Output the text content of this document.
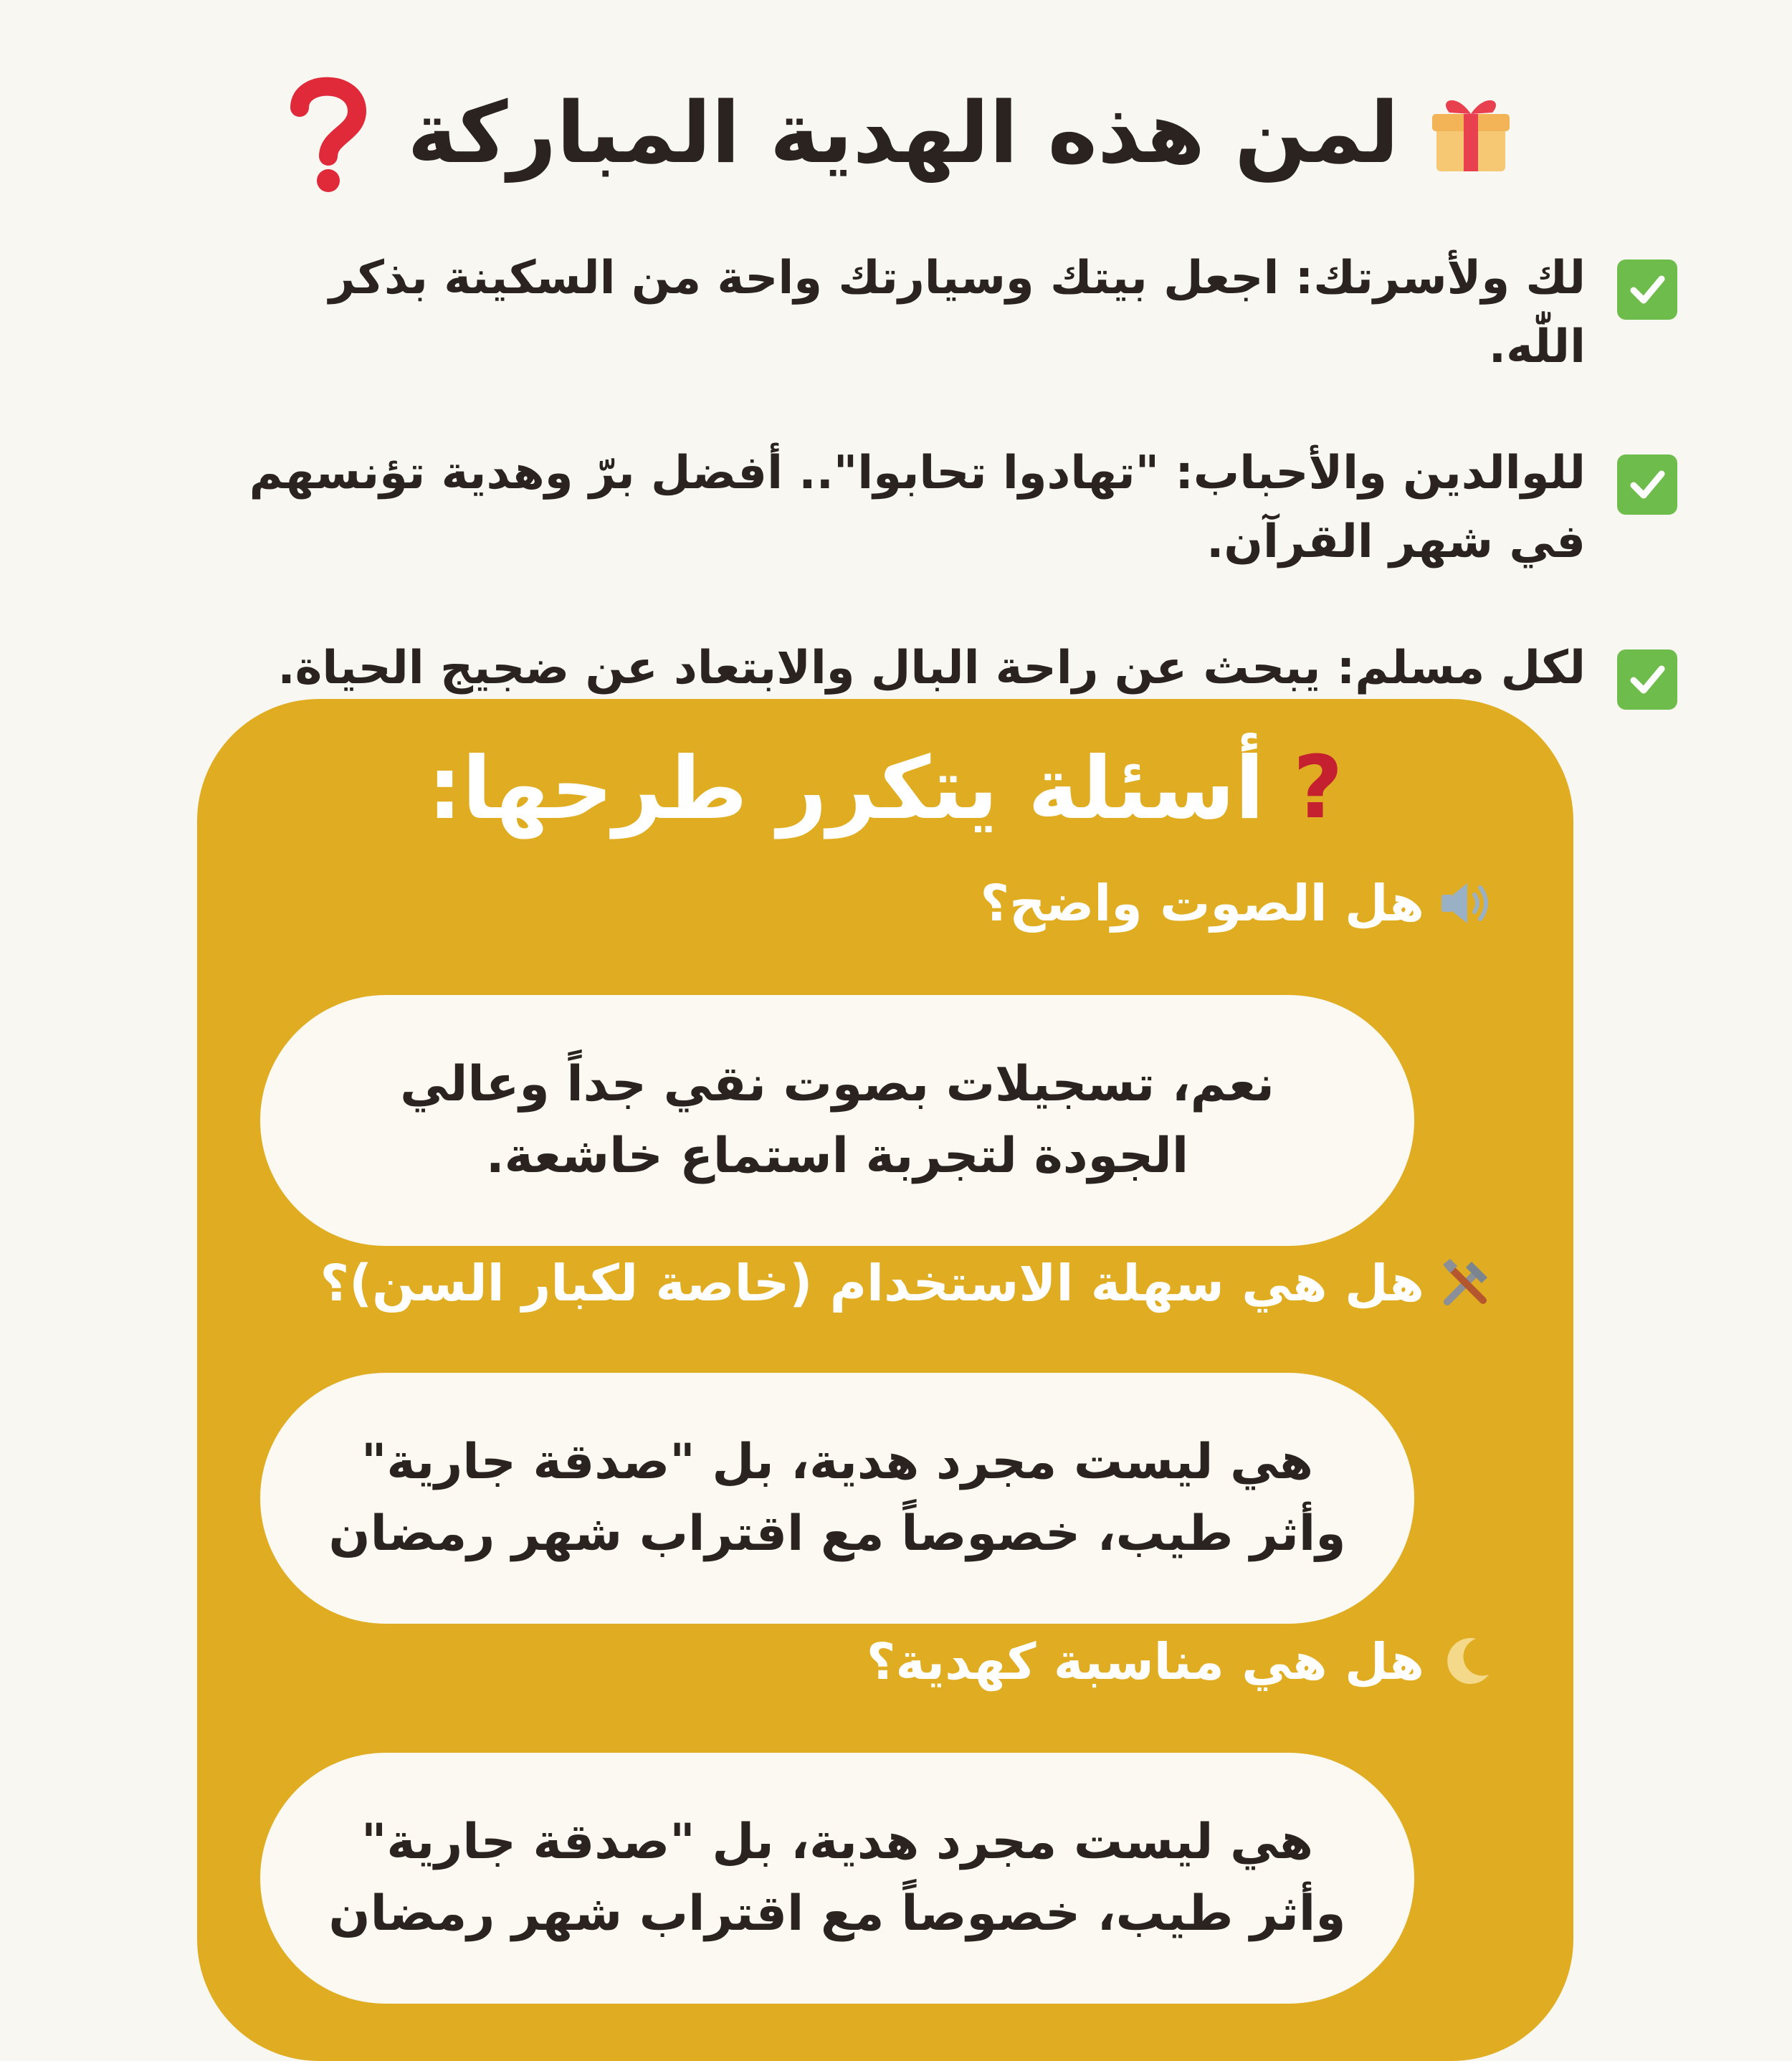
لمن هذه الهدية المباركة
لك ولأسرتك: اجعل بيتك وسيارتك واحة من السكينة بذكر اللّٰه.
للوالدين والأحباب: "تهادوا تحابوا".. أفضل برّ وهدية تؤنسهم في شهر القرآن.
لكل مسلم: يبحث عن راحة البال والابتعاد عن ضجيج الحياة.
?
أسئلة يتكرر طرحها:
هل الصوت واضح؟
نعم، تسجيلات بصوت نقي جداً وعالي الجودة لتجربة استماع خاشعة.
هل هي سهلة الاستخدام (خاصة لكبار السن)؟
هي ليست مجرد هدية، بل "صدقة جارية" وأثر طيب، خصوصاً مع اقتراب شهر رمضان
هل هي مناسبة كهدية؟
هي ليست مجرد هدية، بل "صدقة جارية" وأثر طيب، خصوصاً مع اقتراب شهر رمضان
